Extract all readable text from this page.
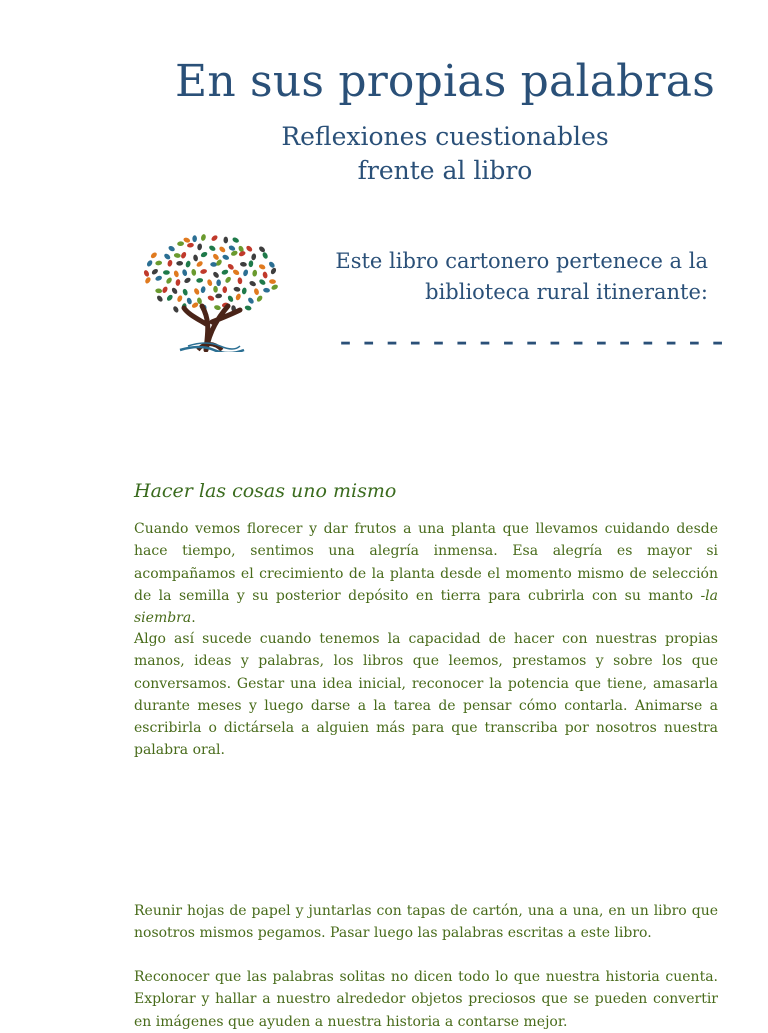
En sus propias palabras
Reflexiones cuestionables
frente al libro
Este libro cartonero pertenece a la
biblioteca rural itinerante:
– – – – – – – – – – – – – – – – –
Hacer las cosas uno mismo

Cuando vemos florecer y dar frutos a una planta que llevamos cuidando desde hace tiempo, sentimos una alegría inmensa. Esa alegría es mayor si acompañamos el crecimiento de la planta desde el momento mismo de selección de la semilla y su posterior depósito en tierra para cubrirla con su manto -la siembra.

Algo así sucede cuando tenemos la capacidad de hacer con nuestras propias manos, ideas y palabras, los libros que leemos, prestamos y sobre los que conversamos. Gestar una idea inicial, reconocer la potencia que tiene, amasarla durante meses y luego darse a la tarea de pensar cómo contarla. Animarse a escribirla o dictársela a alguien más para que transcriba por nosotros nuestra palabra oral.

Reunir hojas de papel y juntarlas con tapas de cartón, una a una, en un libro que nosotros mismos pegamos. Pasar luego las palabras escritas a este libro.

Reconocer que las palabras solitas no dicen todo lo que nuestra historia cuenta. Explorar y hallar a nuestro alrededor objetos preciosos que se pueden convertir en imágenes que ayuden a nuestra historia a contarse mejor.
